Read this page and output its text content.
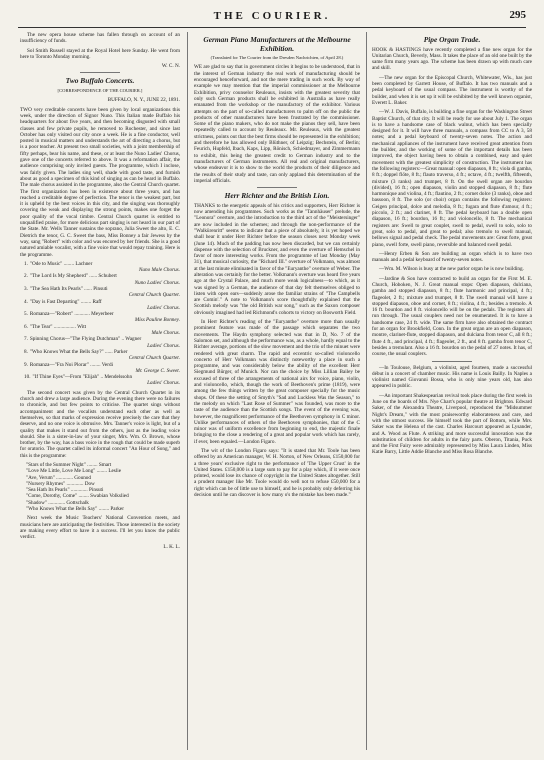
THE COURIER.	295

The new opera house scheme has fallen through on account of an insufficiency of funds.

Sol Smith Russell stayed at the Royal Hotel here Sunday. He went from here to Toronto Monday morning.

W. C. N.
Two Buffalo Concerts.
[CORRESPONDENCE OF THE COURIER.]
BUFFALO, N. Y., JUNE 22, 1891.

TWO very creditable concerts have been given by local organizations this week, under the direction of Signor Nuno. This Italian made Buffalo his headquarters for about five years, and then becoming disgusted with small classes and few private pupils, he removed to Rochester, and since last October has only visited our city once a week. He is a fine conductor, well posted in musical matters and understands the art of directing a chorus, but is a poor teacher. At present two small societies, with a joint membership of fifty perhaps, bear his name, and these, or at least the Nuno Ladies' Chorus, gave one of the concerts referred to above. It was a reformation affair, the audience comprising only invited guests. The programme, which I inclose, was fairly given. The ladies sing well, shade with good taste, and furnish about as good a specimen of this kind of singing as can be heard in Buffalo. The male chorus assisted in the programme, also the Central Church quartet. The first organization has been in existence about three years, and has reached a creditable degree of perfection. The tenor is the weakest part, but it is upheld by the best voices in this city, and the singing was thoroughly covering the weak and displaying the strong points, makes one forget the poor quality of the vocal timbre. Central Church quartet is entitled to unqualified praise, for more delicious part singing is not heard in our part of the State. Mr. Wells Tanner sustains the soprano, Julia Sweet the alto, E. C. Dietrich the tenor, G. C. Sweet the bass, Miss Bonney a fair Jewess by the way, sang "Robert" with color and was encored by her friends. She is a good natured amiable vocalist, with a fine voice that would repay training. Here is the programme.

1. "Ode to Music" ........ Lachner
Nuno Male Chorus.
2. "The Lord Is My Shepherd" ...... Schubert
Nuno Ladies' Chorus.
3. "The Sea Hath Its Pearls" ...... Pinsuti
Central Church Quartet.
4. "Day is Fast Departing" ........ Raff
Ladies' Chorus.
5. Romanza—"Robert" ............ Meyerbeer
Miss Pauline Bonney.
6. "The Tear" ................. Witt
Male Chorus.
7. Spinning Chorus—"The Flying Dutchman" .. Wagner
Ladies' Chorus.
8. "Who Knows What the Bells Say?" ...... Parker
Central Church Quartet.
9. Romanza—"Fra Noi Plorar" ........ Verdi
Mr. George C. Sweet.
10. "If Thine Eyes"—From "Elijah" .. Mendelssohn
Ladies' Chorus.

The second concert was given by the Central Church Quartet in its church and drew a large audience. During the evening there were no failures to chronicle, and but few points to criticise. The quartet sings without accompaniment and the vocalists understand each other as well as themselves, so that marks of expression receive precisely the care that they deserve, and no one voice is obtrusive. Mrs. Tanner's voice is light, but of a quality that makes it stand out from the others, just as the leading voice should. She is a sister-in-law of your singer, Mrs. Wm. O. Brown, whose brother, by the way, has a bass voice in the rough that could be made superb for oratorio. The quartet called its informal concert "An Hour of Song," and this is the programme:

"Stars of the Summer Night" ........ Smart
"Love Me Little, Love Me Long" ........ Leslie
"Ave, Verum" ............. Gounod
"Nursery Rhymes" ............. Dow
"Sea Hath Its Pearls" ............. Pinsuti
"Come, Dorothy, Come" ........ Swabian Volkslied
"Shadow" ............. Gottschalk
"Who Knows What the Bells Say" ........ Parker

Next week the Music Teachers' National Convention meets, and musicians here are anticipating the festivities. Those interested in the society are making every effort to have it a success. I'll let you know the public verdict.

L. K. L.
German Piano Manufacturers at the Melbourne Exhibition.
(Translated for The Courier from the Dresden Nachrichten, of April 28.)

WE are glad to say that in government circles it begins to be understood, that in the interest of German industry the real work of manufacturing should be encouraged henceforward, and not the mere trading in such work. By way of example we may mention that the imperial commissioner at the Melbourne Exhibition, privy counselor Reuleaux, insists with the greatest severity that only such German products shall be exhibited in Australia as have really emanated from the workshop or the manufactory of the exhibitor. Various attempts on the part of so-called manufacturers to palm off on the public the products of other manufacturers have been frustrated by the commissioner. Some of the piano makers, who do not make the pianos they sell, have been repeatedly called to account by Reuleaux. Mr. Reuleaux, with the greatest strictness, points out that the best firms should be represented in the exhibition; and therefore he has allowed only Blüthner, of Leipzig; Bechstein, of Berlin; Feurich, Hupfeld, Ibach, Kaps, Lipp, Rönisch, Schiedmayer, and Zimmermann to exhibit, this being the greatest credit to German industry and to the manufacturers of German instruments. All real and original manufacturers, whose endeavor it is to show to the world the products of their diligence and the results of their study and taste, can only applaud this determination of the imperial officials.

Herr Richter and the British Lion.

THANKS to the energetic appeals of his critics and supporters, Herr Richter is now amending his programmes. Such works as the "Tannhäuser" prelude, the "Leonora" overture, and the introduction to the third act of the "Meistersinger" are now included in the schemes; and through the non-performance of the "Walkürenritt" seems to indicate that a piece of absolutely, it is yet hoped we shall hear it under Herr Richter before the season closes next Monday week (June 14). Much of the padding has now been discarded, but we can certainly dispense with the selection of Bruckner, and even the overture of Hemschel in favor of more interesting works. From the programme of last Monday (May 31), that musical curiosity, the "Richard III." overture of Volkmann, was almost at the last minute eliminated in favor of the "Euryanthe" overture of Weber. The alteration was certainly for the better. Volkmann's overture was heard five years ago at the Crystal Palace, and much more weak logicalness—to which, as it was signed by a German, the audience of that day felt themselves obliged to listen with open ears—suddenly arose the familiar strains of "The Campbells are Comin'." A note to Volkmann's score thoughtfully explained that the Scottish melody was "the old British war song," such as the Saxon composer obviously imagined had led Richmond's cohorts to victory on Bosworth Field.

In Herr Richter's reading of the "Euryanthe" overture more than usually prominent feature was made of the passage which separates the two movements. The Haydn symphony selected was that in D, No. 7 of the Salomon set, and although the performance was, as a whole, hardly equal to the Richter average, portions of the slow movement and the trio of the minuet were rendered with great charm. The rapid and eccentric so-called violoncello concerto of Herr Volkmann was distinctly noteworthy a place in such a programme, and was considerably below the ability of the excellent Herr Siegmund Bürger, of Munich. Nor can the choice by Miss Lillian Bailey be excused of three of the arrangements of national airs for voice, piano, violin, and violoncello, which, though the work of Beethoven's prime (1819), were among the few things written by the great composer specially for the music shops. Of these the setting of Smyth's "Sad and Luckless Was the Season," to the melody on which "Last Rose of Summer" was founded, was more to the taste of the audience than the Scottish songs. The event of the evening was, however, the magnificent performance of the Beethoven symphony in C minor. Unlike performances of others of the Beethoven symphonies, that of the C minor was of uniform excellence from beginning to end, the majestic finale bringing to the close a rendering of a great and popular work which has rarely, if ever, been equaled.—London Figaro.

The wit of the London Figaro says: "It is stated that Mr. Toole has been offered by an American manager, W. H. Norton, of New Orleans, £150,000 for a three years' exclusive right to the performance of 'The Upper Crust' in the United States. £150,000 is a large sum to pay for a play which, if it were once printed, would lose its chance of copyright in the United States altogether. Still a prudent manager like Mr. Toole would do well not to refuse £50,000 for a right which can be of little use to himself, and he is probably only deferring his decision until he can discover is how many o's the mistake has been made."

Pipe Organ Trade.

HOOK & HASTINGS have recently completed a fine new organ for the Unitarian Church, Beverly, Mass. It takes the place of an old one built by the same firm many years ago. The scheme has been drawn up with much care and skill.

—The new organ for the Episcopal Church, Whitewater, Wis., has just been completed by Garrett House, of Buffalo. It has two manuals and a pedal keyboard of the usual compass. The instrument is worthy of the builder, and when it is set up it will be exhibited by the well known organist, Everett L. Baker.

—W. J. Davis, Buffalo, is building a fine organ for the Washington Street Baptist Church, of that city. It will be ready for use about July 1. The organ is to have a handsome case of black walnut, which has been specially designed for it. It will have three manuals, a compass from CC to A 3, 58 notes; and a pedal keyboard of twenty-seven notes. The action and mechanical appliances of the instrument have received great attention from the builder, and the working of some of the important details has been improved, the object having been to obtain a combined, easy and quiet movement with the greatest simplicity of construction. The instrument has the following registers:—Great manual: open diapason, 8 ft.; viola di gamba, 8 ft.; doppel flöte, 8 ft.; flauto traverso, 4 ft.; octave, 4 ft.; twelfth, fifteenth, mixture (3 ranks) and trumpet, 8 ft. On the swell organ are bourdon (divided), 16 ft.; open diapason, violin and stopped diapason, 8 ft.; flute harmonique and violina, 4 ft.; flautino, 2 ft.; cornet dolce (3 ranks), oboe and bassoon, 8 ft. The solo (or choir) organ contains the following registers: Geigen principal, dolce and melodia, 8 ft.; fugara and flute d'amour, 4 ft.; piccolo, 2 ft.; and clarinet, 8 ft. The pedal keyboard has a double open diapason, 16 ft.; bourdon, 16 ft.; and violoncello, 8 ft. The mechanical registers are: Swell to great couplet, swell to pedal, swell to solo, solo to great, solo to pedal, and great to pedal; also tremolo to swell manual, bellows signal and pedal check. The pedal movements are: Great forte, great piano, swell forte, swell piano, reversible and balanced swell pedal.

—Henry Erben & Son are building an organ which is to have two manuals and a pedal keyboard of twenty-seven notes.

—Wm. M. Wilson is busy at the new parlor organ he is now building.

—Jardine & Son have contracted to build an organ for the First M. E. Church, Hoboken, N. J. Great manual stops: Open diapason, dulciana, gamba and stopped diapason, 8 ft.; flute harmonic and principal, 4 ft.; flageolet, 2 ft.; mixture and trumpet, 8 ft. The swell manual will have a stopped diapason, oboe and cornet, 8 ft.; violina, 4 ft.; besides a tremolo. A 16 ft. bourdon and 8 ft. violoncello will be on the pedals. The registers all run through. The usual couplers need not be enumerated. It is to have a handsome case, 24 ft. wide. The same firm have also obtained the contract for an organ for Brookfield, Conn. In the great organ are an open diapason, montre, clarinet-flute, stopped diapason, and dulciana from tenor C, all 8 ft.; flute 4 ft., and principal, 4 ft.; flageolet, 2 ft., and 8 ft. gamba from tenor C, besides a tremulant. Also a 16 ft. bourdon on the pedal of 27 notes. It has, of course, the usual couplers.

—In Toulouse, Belgium, a violinist, aged fourteen, made a successful début in a concert of chamber music. His name is Louis Bailly. In Naples a violinist named Giovanni Bossa, who is only nine years old, has also appeared in public.

—An important Shakespearian revival took place during the first week in June on the boards of Mrs. Nye Chart's popular theatre at Brighton. Edward Saker, of the Alexandra Theatre, Liverpool, reproduced the "Midsummer Night's Dream," with the most praiseworthy elaborateness and care, and with the utmost success. He himself took the part of Bottom, while Mrs. Saker was the Helena of the cast. Charles Harcourt appeared as Lysander, and A. Wood as Flute. A striking and more successful innovation was the substitution of children for adults in the fairy parts. Oberon, Titania, Puck and the First Fairy were admirably represented by Miss Laura Linden, Miss Katie Barry, Little Addie Blanche and Miss Rosa Blanche.
